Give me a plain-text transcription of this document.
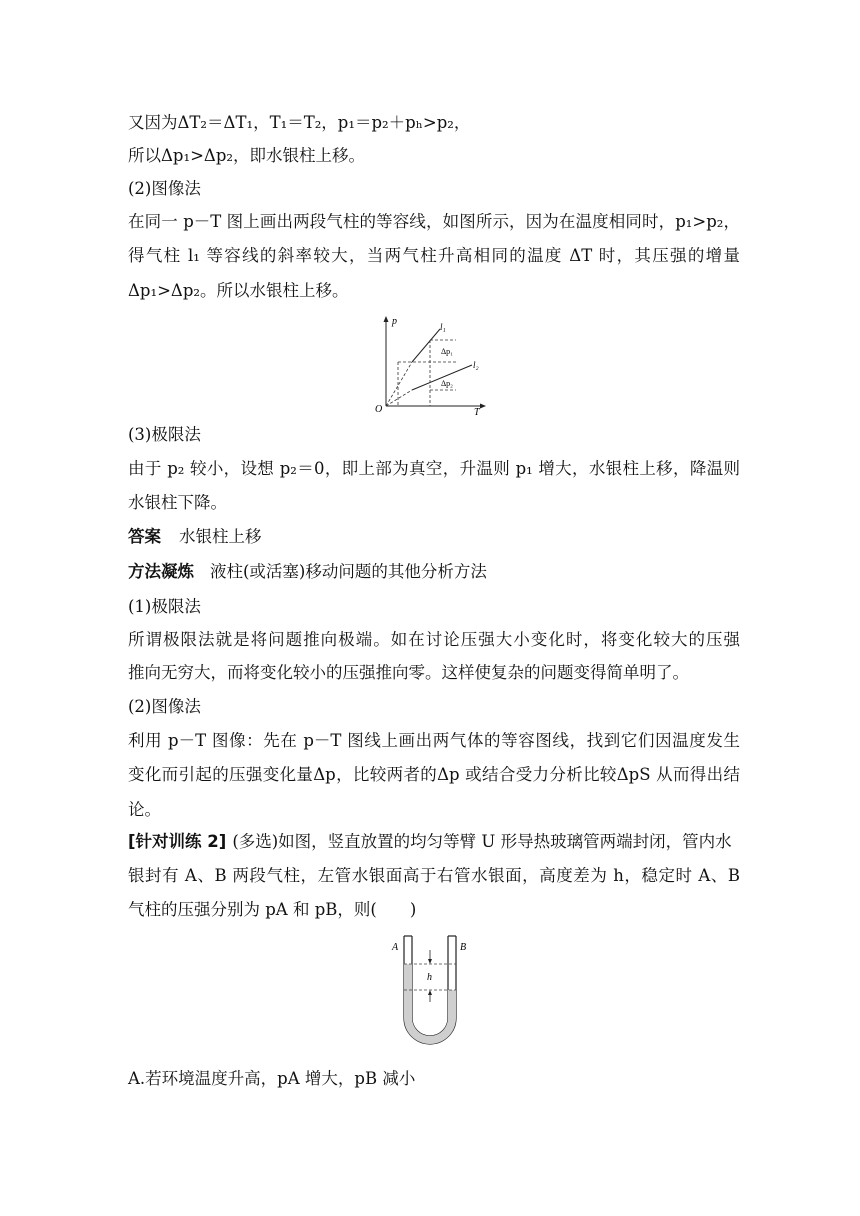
又因为ΔT₂＝ΔT₁，T₁＝T₂，p₁＝p₂＋pₕ>p₂，
所以Δp₁>Δp₂，即水银柱上移。
(2)图像法
在同一 p－T 图上画出两段气柱的等容线，如图所示，因为在温度相同时，p₁>p₂，
得气柱 l₁ 等容线的斜率较大，当两气柱升高相同的温度 ΔT 时，其压强的增量
Δp₁>Δp₂。所以水银柱上移。
p
T
O
l₁
l₂
Δp₁
Δp₂
(3)极限法
由于 p₂ 较小，设想 p₂＝0，即上部为真空，升温则 p₁ 增大，水银柱上移，降温则
水银柱下降。
答案 水银柱上移
方法凝炼 液柱(或活塞)移动问题的其他分析方法
(1)极限法
所谓极限法就是将问题推向极端。如在讨论压强大小变化时，将变化较大的压强
推向无穷大，而将变化较小的压强推向零。这样使复杂的问题变得简单明了。
(2)图像法
利用 p－T 图像：先在 p－T 图线上画出两气体的等容图线，找到它们因温度发生
变化而引起的压强变化量Δp，比较两者的Δp 或结合受力分析比较ΔpS 从而得出结
论。
[针对训练 2] (多选)如图，竖直放置的均匀等臂 U 形导热玻璃管两端封闭，管内水
银封有 A、B 两段气柱，左管水银面高于右管水银面，高度差为 h，稳定时 A、B
气柱的压强分别为 pA 和 pB，则(　　)
h
A	B
A.若环境温度升高，pA 增大，pB 减小
